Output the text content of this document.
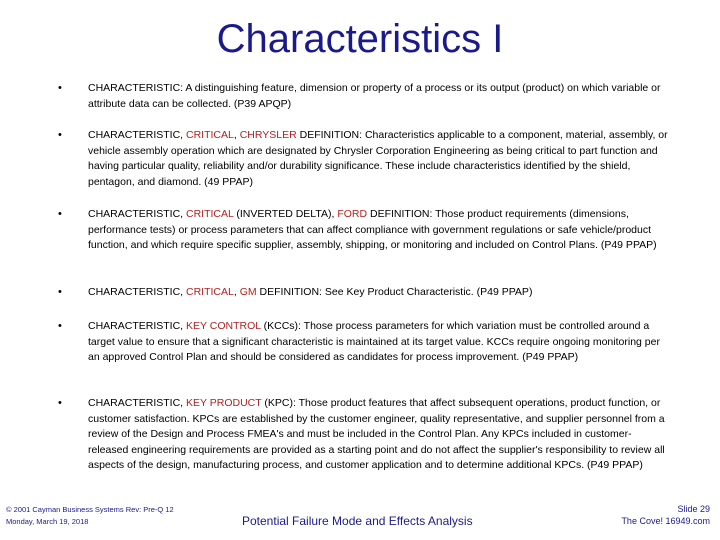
Characteristics I
• CHARACTERISTIC: A distinguishing feature, dimension or property of a process or its output (product) on which variable or attribute data can be collected. (P39 APQP)
• CHARACTERISTIC, CRITICAL, CHRYSLER DEFINITION: Characteristics applicable to a component, material, assembly, or vehicle assembly operation which are designated by Chrysler Corporation Engineering as being critical to part function and having particular quality, reliability and/or durability significance. These include characteristics identified by the shield, pentagon, and diamond. (49 PPAP)
• CHARACTERISTIC, CRITICAL (INVERTED DELTA), FORD DEFINITION: Those product requirements (dimensions, performance tests) or process parameters that can affect compliance with government regulations or safe vehicle/product function, and which require specific supplier, assembly, shipping, or monitoring and included on Control Plans. (P49 PPAP)
• CHARACTERISTIC, CRITICAL, GM DEFINITION: See Key Product Characteristic. (P49 PPAP)
• CHARACTERISTIC, KEY CONTROL (KCCs): Those process parameters for which variation must be controlled around a target value to ensure that a significant characteristic is maintained at its target value. KCCs require ongoing monitoring per an approved Control Plan and should be considered as candidates for process improvement. (P49 PPAP)
• CHARACTERISTIC, KEY PRODUCT (KPC): Those product features that affect subsequent operations, product function, or customer satisfaction. KPCs are established by the customer engineer, quality representative, and supplier personnel from a review of the Design and Process FMEA's and must be included in the Control Plan. Any KPCs included in customer-released engineering requirements are provided as a starting point and do not affect the supplier's responsibility to review all aspects of the design, manufacturing process, and customer application and to determine additional KPCs. (P49 PPAP)
© 2001 Cayman Business Systems Rev: Pre-Q 12
Monday, March 19, 2018	Potential Failure Mode and Effects Analysis
Slide 29
The Cove! 16949.com
